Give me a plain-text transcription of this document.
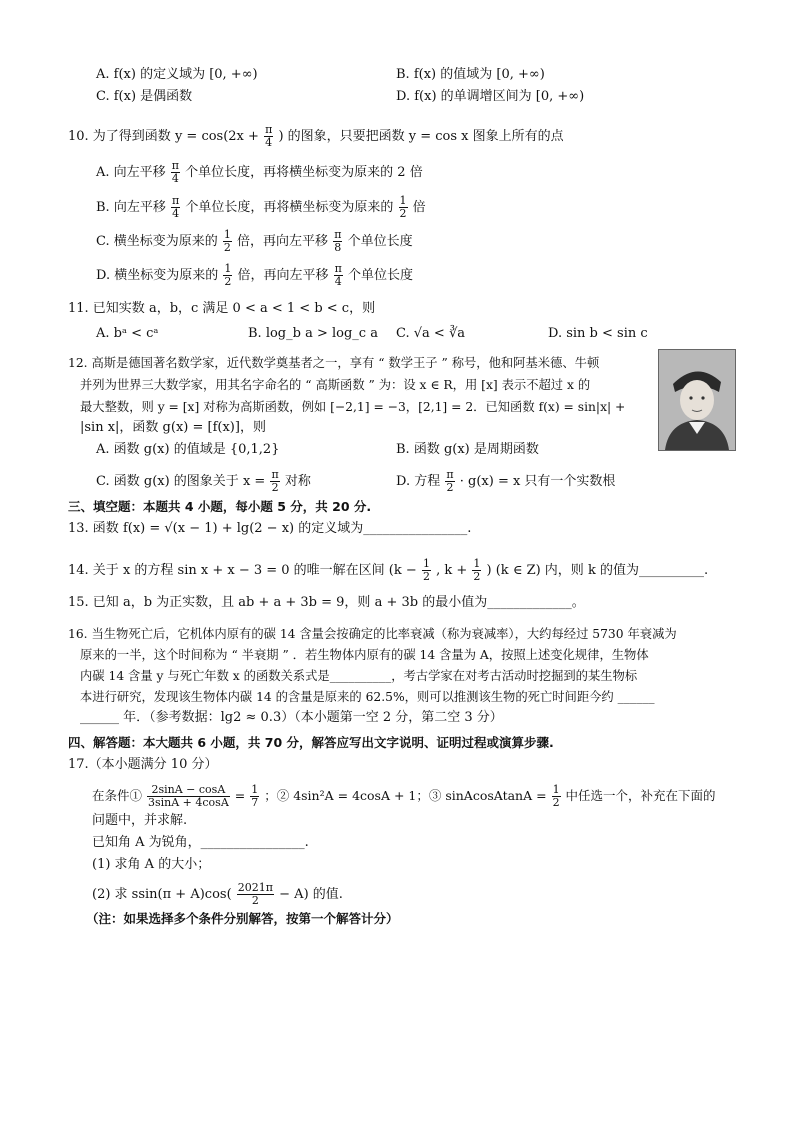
A. f(x) 的定义域为 [0, +∞)	B. f(x) 的值域为 [0, +∞)
C. f(x) 是偶函数	D. f(x) 的单调增区间为 [0, +∞)
10. 为了得到函数 $y = \cos(2x + \frac{\pi}{4}$ ) 的图象，只要把函数 y = cos x 图象上所有的点
A. 向左平移 $\frac{\pi}{4}$ 个单位长度，再将横坐标变为原来的 2 倍
B. 向左平移 $\frac{\pi}{4}$ 个单位长度，再将横坐标变为原来的 $\frac{1}{2}$ 倍
C. 横坐标变为原来的 $\frac{1}{2}$ 倍，再向左平移 $\frac{\pi}{8}$ 个单位长度
D. 横坐标变为原来的 $\frac{1}{2}$ 倍，再向左平移 $\frac{\pi}{4}$ 个单位长度
11. 已知实数 a，b，c 满足 0 < a < 1 < b < c，则
A. bᵃ < cᵃ	B. log_b a > log_c a C. √a < ∛a	D. sin b < sin c
12. 高斯是德国著名数学家，近代数学奠基者之一，享有 “ 数学王子 ” 称号，他和阿基米德、牛顿
并列为世界三大数学家，用其名字命名的 “ 高斯函数 ” 为：设 x ∈ R，用 [x] 表示不超过 x 的
最大整数，则 y = [x] 对称为高斯函数，例如 [−2,1] = −3，[2,1] = 2．已知函数 f(x) = sin|x| +
|sin x|，函数 g(x) = [f(x)]，则
A. 函数 g(x) 的值域是 {0,1,2}	B. 函数 g(x) 是周期函数
C. 函数 g(x) 的图象关于 $x = \frac{\pi}{2}$ 对称	D. 方程 $\frac{\pi}{2} \cdot g(x) = x$ 只有一个实数根
三、填空题：本题共 4 小题，每小题 5 分，共 20 分.
13. 函数 f(x) = √(x − 1) + lg(2 − x) 的定义域为________________.
14. 关于 x 的方程 sin x + x − 3 = 0 的唯一解在区间 ($k - \frac{1}{2}$ , $k + \frac{1}{2}$ ) (k ∈ Z) 内，则 k 的值为__________.
15. 已知 a，b 为正实数，且 ab + a + 3b = 9，则 a + 3b 的最小值为_____________。
16. 当生物死亡后，它机体内原有的碳 14 含量会按确定的比率衰减（称为衰减率），大约每经过 5730 年衰减为
原来的一半，这个时间称为 “ 半衰期 ” ．若生物体内原有的碳 14 含量为 A，按照上述变化规律，生物体
内碳 14 含量 y 与死亡年数 x 的函数关系式是__________，考古学家在对考古活动时挖掘到的某生物标
本进行研究，发现该生物体内碳 14 的含量是原来的 62.5%，则可以推测该生物的死亡时间距今约 ______
______ 年．（参考数据：lg2 ≈ 0.3）（本小题第一空 2 分，第二空 3 分）
四、解答题：本大题共 6 小题，共 70 分，解答应写出文字说明、证明过程或演算步骤.
17.（本小题满分 10 分）
在条件① $\frac{2\sin A - \cos A}{3\sin A + 4\cos A} = \frac{1}{7}$ ；② 4sin²A = 4cosA + 1；③ sinAcosAtanA = $\frac{1}{2}$ 中任选一个，补充在下面的
问题中，并求解.
已知角 A 为锐角，________________.
(1) 求角 A 的大小；
(2) 求 $ssin(\pi + A)\cos( \frac{2021\pi}{2} - A)$ 的值.
（注：如果选择多个条件分别解答，按第一个解答计分）
